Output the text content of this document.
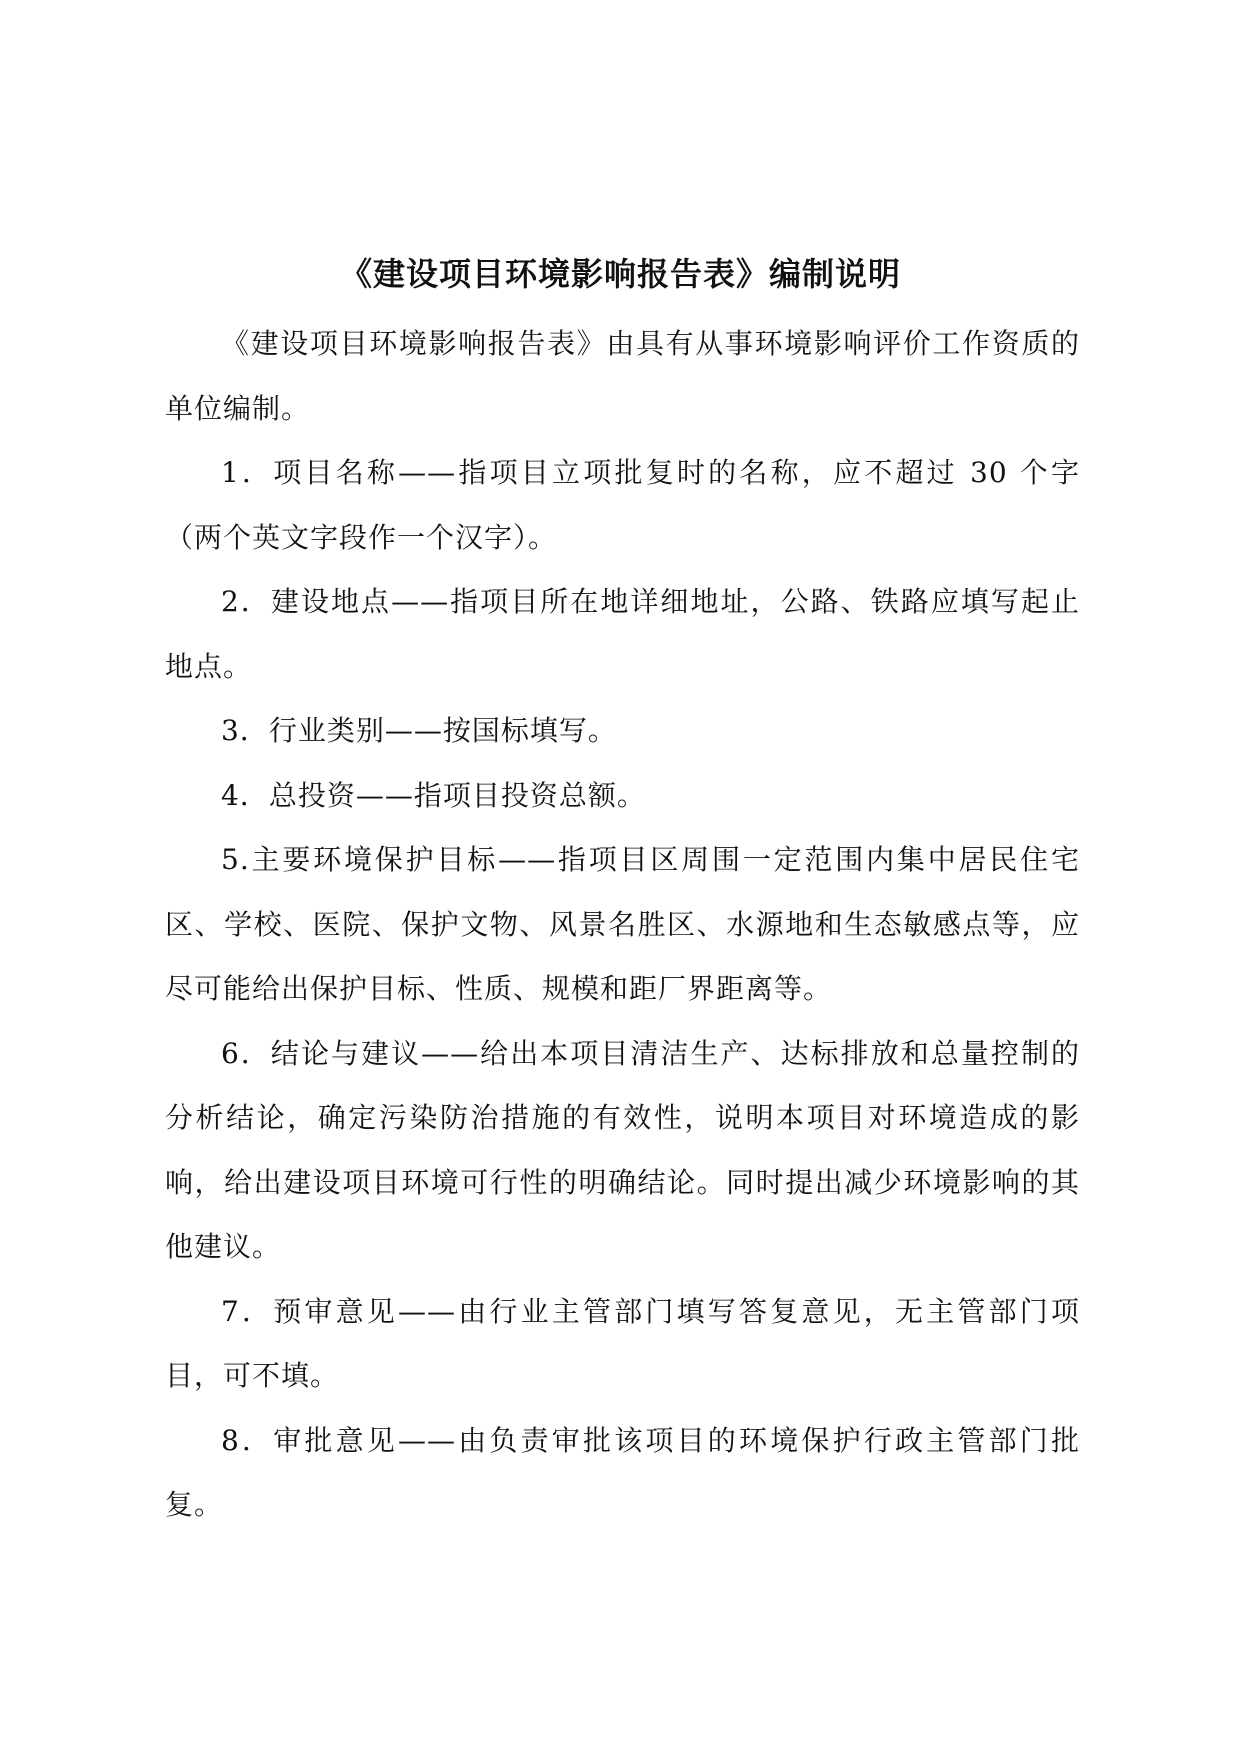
《建设项目环境影响报告表》编制说明

《建设项目环境影响报告表》由具有从事环境影响评价工作资质的单位编制。

1．项目名称——指项目立项批复时的名称，应不超过 30 个字（两个英文字段作一个汉字）。

2．建设地点——指项目所在地详细地址，公路、铁路应填写起止地点。

3．行业类别——按国标填写。

4．总投资——指项目投资总额。

5.主要环境保护目标——指项目区周围一定范围内集中居民住宅区、学校、医院、保护文物、风景名胜区、水源地和生态敏感点等，应尽可能给出保护目标、性质、规模和距厂界距离等。

6．结论与建议——给出本项目清洁生产、达标排放和总量控制的分析结论，确定污染防治措施的有效性，说明本项目对环境造成的影响，给出建设项目环境可行性的明确结论。同时提出减少环境影响的其他建议。

7．预审意见——由行业主管部门填写答复意见，无主管部门项目，可不填。

8．审批意见——由负责审批该项目的环境保护行政主管部门批复。
